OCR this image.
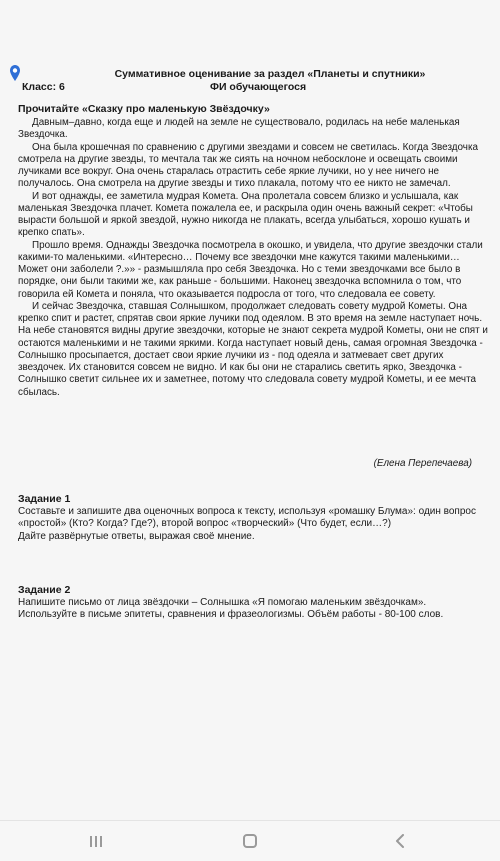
Суммативное оценивание за раздел «Планеты и спутники»
Класс: 6	ФИ обучающегося
Прочитайте «Сказку про маленькую Звёздочку»

Давным–давно, когда еще и людей на земле не существовало, родилась на небе маленькая Звездочка.

Она была крошечная по сравнению с другими звездами и совсем не светилась. Когда Звездочка смотрела на другие звезды, то мечтала так же сиять на ночном небосклоне и освещать своими лучиками все вокруг. Она очень старалась отрастить себе яркие лучики, но у нее ничего не получалось. Она смотрела на другие звезды и тихо плакала, потому что ее никто не замечал.

И вот однажды, ее заметила мудрая Комета. Она пролетала совсем близко и услышала, как маленькая Звездочка плачет. Комета пожалела ее, и раскрыла один очень важный секрет: «Чтобы вырасти большой и яркой звездой, нужно никогда не плакать, всегда улыбаться, хорошо кушать и крепко спать».

Прошло время. Однажды Звездочка посмотрела в окошко, и увидела, что другие звездочки стали какими-то маленькими. «Интересно… Почему все звездочки мне кажутся такими маленькими…Может они заболели ?.»» - размышляла про себя Звездочка. Но с теми звездочками все было в порядке, они были такими же, как раньше - большими. Наконец звездочка вспомнила о том, что говорила ей Комета и поняла, что оказывается подросла от того, что следовала ее совету.

И сейчас Звездочка, ставшая Солнышком, продолжает следовать совету мудрой Кометы. Она крепко спит и растет, спрятав свои яркие лучики под одеялом. В это время на земле наступает ночь. На небе становятся видны другие звездочки, которые не знают секрета мудрой Кометы, они не спят и остаются маленькими и не такими яркими. Когда наступает новый день, самая огромная Звездочка - Солнышко просыпается, достает свои яркие лучики из - под одеяла и затмевает свет других звездочек. Их становится совсем не видно. И как бы они не старались светить ярко, Звездочка - Солнышко светит сильнее их и заметнее, потому что следовала совету мудрой Кометы, и ее мечта сбылась.

(Елена Перепечаева)
Задание 1

Составьте и запишите два оценочных вопроса к тексту, используя «ромашку Блума»: один вопрос «простой» (Кто? Когда? Где?), второй вопрос «творческий» (Что будет, если…?)

Дайте развёрнутые ответы, выражая своё мнение.

Задание 2
Напишите письмо от лица звёздочки – Солнышка «Я помогаю маленьким звёздочкам». Используйте в письме эпитеты, сравнения и фразеологизмы. Объём работы - 80-100 слов.
